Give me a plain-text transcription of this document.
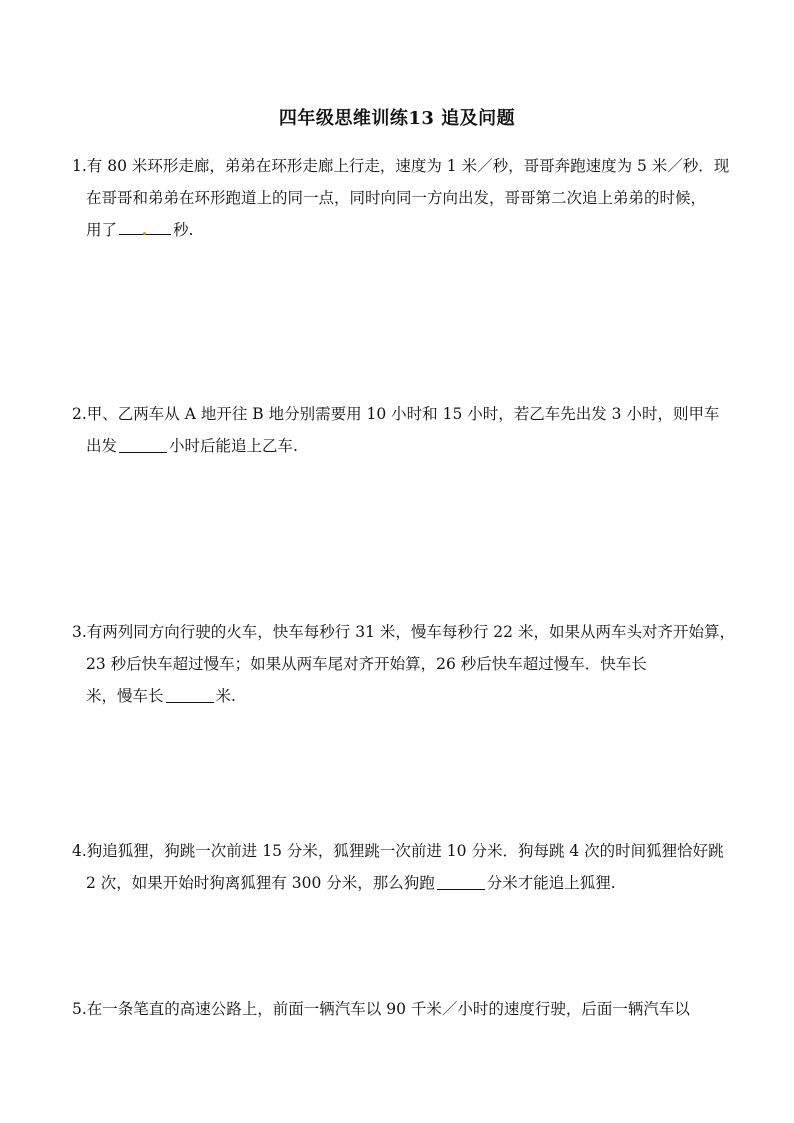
四年级思维训练13 追及问题
1.有 80 米环形走廊，弟弟在环形走廊上行走，速度为 1 米／秒，哥哥奔跑速度为 5 米／秒．现
在哥哥和弟弟在环形跑道上的同一点，同时向同一方向出发，哥哥第二次追上弟弟的时候，
用了	秒.
2.甲、乙两车从 A 地开往 B 地分别需要用 10 小时和 15 小时，若乙车先出发 3 小时，则甲车
出发	小时后能追上乙车.
3.有两列同方向行驶的火车，快车每秒行 31 米，慢车每秒行 22 米，如果从两车头对齐开始算，
23 秒后快车超过慢车；如果从两车尾对齐开始算，26 秒后快车超过慢车．快车长
米，慢车长	米.
4.狗追狐狸，狗跳一次前进 15 分米，狐狸跳一次前进 10 分米．狗每跳 4 次的时间狐狸恰好跳
2 次，如果开始时狗离狐狸有 300 分米，那么狗跑	分米才能追上狐狸.
5.在一条笔直的高速公路上，前面一辆汽车以 90 千米／小时的速度行驶，后面一辆汽车以
